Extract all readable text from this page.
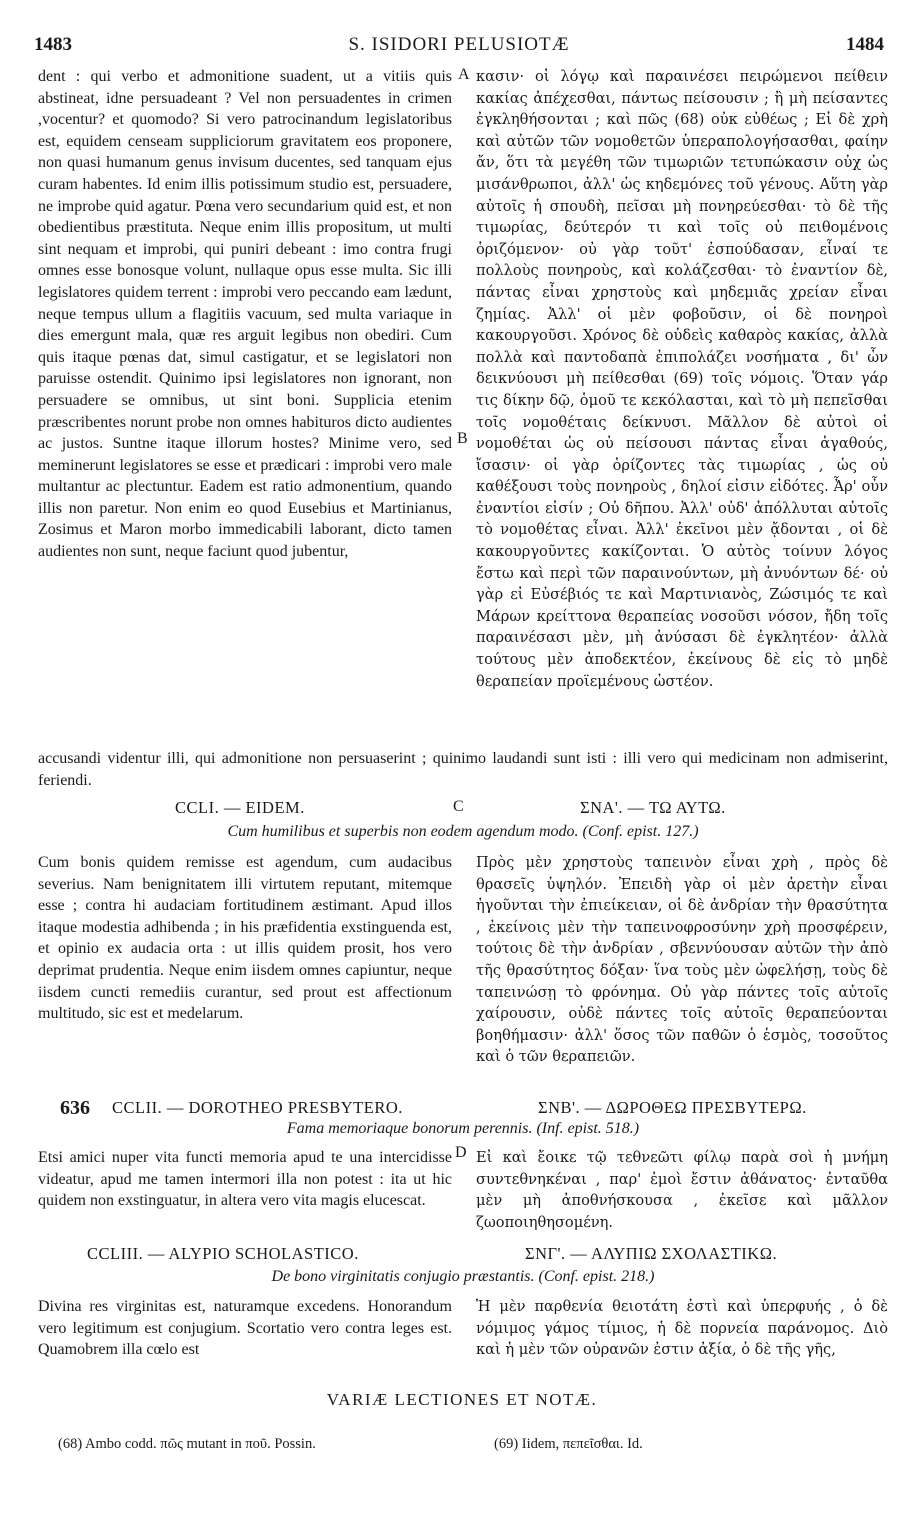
1483	S. ISIDORI PELUSIOTÆ	1484

dent : qui verbo et admonitione suadent, ut a vitiis quis abstineat, idne persuadeant ? Vel non persuadentes in crimen ,vocentur? et quomodo? Si vero patrocinandum legislatoribus est, equidem censeam suppliciorum gravitatem eos proponere, non quasi humanum genus invisum ducentes, sed tanquam ejus curam habentes. Id enim illis potissimum studio est, persuadere, ne improbe quid agatur. Pœna vero secundarium quid est, et non obedientibus præstituta. Neque enim illis propositum, ut multi sint nequam et improbi, qui puniri debeant : imo contra frugi omnes esse bonosque volunt, nullaque opus esse multa. Sic illi legislatores quidem terrent : improbi vero peccando eam lædunt, neque tempus ullum a flagitiis vacuum, sed multa variaque in dies emergunt mala, quæ res arguit legibus non obediri. Cum quis itaque pœnas dat, simul castigatur, et se legislatori non paruisse ostendit. Quinimo ipsi legislatores non ignorant, non persuadere se omnibus, ut sint boni. Supplicia etenim præscribentes norunt probe non omnes habituros dicto audientes ac justos. Suntne itaque illorum hostes? Minime vero, sed meminerunt legislatores se esse et prædicari : improbi vero male multantur ac plectuntur. Eadem est ratio admonentium, quando illis non paretur. Non enim eo quod Eusebius et Martinianus, Zosimus et Maron morbo immedicabili laborant, dicto tamen audientes non sunt, neque faciunt quod jubentur,

κασιν· οἱ λόγῳ καὶ παραινέσει πειρώμενοι πείθειν κακίας ἀπέχεσθαι, πάντως πείσουσιν ; ἢ μὴ πείσαντες ἐγκληθήσονται ; καὶ πῶς (68) οὐκ εὐθέως ; Εἰ δὲ χρὴ καὶ αὐτῶν τῶν νομοθετῶν ὑπεραπολογήσασθαι, φαίην ἄν, ὅτι τὰ μεγέθη τῶν τιμωριῶν τετυπώκασιν οὐχ ὡς μισάνθρωποι, ἀλλ' ὡς κηδεμόνες τοῦ γένους. Αὕτη γὰρ αὐτοῖς ἡ σπουδὴ, πεῖσαι μὴ πονηρεύεσθαι· τὸ δὲ τῆς τιμωρίας, δεύτερόν τι καὶ τοῖς οὐ πειθομένοις ὁριζόμενον· οὐ γὰρ τοῦτ' ἐσπούδασαν, εἶναί τε πολλοὺς πονηροὺς, καὶ κολάζεσθαι· τὸ ἐναντίον δὲ, πάντας εἶναι χρηστοὺς καὶ μηδεμιᾶς χρείαν εἶναι ζημίας. Ἀλλ' οἱ μὲν φοβοῦσιν, οἱ δὲ πονηροὶ κακουργοῦσι. Χρόνος δὲ οὐδεὶς καθαρὸς κακίας, ἀλλὰ πολλὰ καὶ παντοδαπὰ ἐπιπολάζει νοσήματα , δι' ὧν δεικνύουσι μὴ πείθεσθαι (69) τοῖς νόμοις. Ὅταν γάρ τις δίκην δῷ, ὁμοῦ τε κεκόλασται, καὶ τὸ μὴ πεπεῖσθαι τοῖς νομοθέταις δείκνυσι. Μᾶλλον δὲ αὐτοὶ οἱ νομοθέται ὡς οὐ πείσουσι πάντας εἶναι ἀγαθούς, ἴσασιν· οἱ γὰρ ὁρίζοντες τὰς τιμωρίας , ὡς οὐ καθέξουσι τοὺς πονηροὺς , δηλοί εἰσιν εἰδότες. Ἆρ' οὖν ἐναντίοι εἰσίν ; Οὐ δῆπου. Ἀλλ' οὐδ' ἀπόλλυται αὐτοῖς τὸ νομοθέτας εἶναι. Ἀλλ' ἐκεῖνοι μὲν ᾄδονται , οἱ δὲ κακουργοῦντες κακίζονται. Ὁ αὐτὸς τοίνυν λόγος ἔστω καὶ περὶ τῶν παραινούντων, μὴ ἀνυόντων δέ· οὐ γὰρ εἰ Εὐσέβιός τε καὶ Μαρτινιανὸς, Ζώσιμός τε καὶ Μάρων κρείττονα θεραπείας νοσοῦσι νόσον, ἤδη τοῖς παραινέσασι μὲν, μὴ ἀνύσασι δὲ ἐγκλητέον· ἀλλὰ τούτους μὲν ἀποδεκτέον, ἐκείνους δὲ εἰς τὸ μηδὲ θεραπείαν προϊεμένους ὠστέον.

A
B
accusandi videntur illi, qui admonitione non persuaserint ; quinimo laudandi sunt isti : illi vero qui medicinam non admiserint, feriendi.
CCLI. — EIDEM.	C	ΣΝΑ'. — ΤΩ ΑΥΤΩ.
Cum humilibus et superbis non eodem agendum modo. (Conf. epist. 127.)

Cum bonis quidem remisse est agendum, cum audacibus severius. Nam benignitatem illi virtutem reputant, mitemque esse ; contra hi audaciam fortitudinem æstimant. Apud illos itaque modestia adhibenda ; in his præfidentia exstinguenda est, et opinio ex audacia orta : ut illis quidem prosit, hos vero deprimat prudentia. Neque enim iisdem omnes capiuntur, neque iisdem cuncti remediis curantur, sed prout est affectionum multitudo, sic est et medelarum.

Πρὸς μὲν χρηστοὺς ταπεινὸν εἶναι χρὴ , πρὸς δὲ θρασεῖς ὑψηλόν. Ἐπειδὴ γὰρ οἱ μὲν ἀρετὴν εἶναι ἡγοῦνται τὴν ἐπιείκειαν, οἱ δὲ ἀνδρίαν τὴν θρασύτητα , ἐκείνοις μὲν τὴν ταπεινοφροσύνην χρὴ προσφέρειν, τούτοις δὲ τὴν ἀνδρίαν , σβεννύουσαν αὐτῶν τὴν ἀπὸ τῆς θρασύτητος δόξαν· ἵνα τοὺς μὲν ὠφελήσῃ, τοὺς δὲ ταπεινώσῃ τὸ φρόνημα. Οὐ γὰρ πάντες τοῖς αὐτοῖς χαίρουσιν, οὐδὲ πάντες τοῖς αὐτοῖς θεραπεύονται βοηθήμασιν· ἀλλ' ὅσος τῶν παθῶν ὁ ἑσμὸς, τοσοῦτος καὶ ὁ τῶν θεραπειῶν.

636 CCLII. — DOROTHEO PRESBYTERO.	ΣΝΒ'. — ΔΩΡΟΘΕΩ ΠΡΕΣΒΥΤΕΡΩ.
Fama memoriaque bonorum perennis. (Inf. epist. 518.)
D

Etsi amici nuper vita functi memoria apud te una intercidisse videatur, apud me tamen intermori illa non potest : ita ut hic quidem non exstinguatur, in altera vero vita magis elucescat.

Εἰ καὶ ἔοικε τῷ τεθνεῶτι φίλῳ παρὰ σοὶ ἡ μνήμη συντεθνηκέναι , παρ' ἐμοὶ ἔστιν ἀθάνατος· ἐνταῦθα μὲν μὴ ἀποθνήσκουσα , ἐκεῖσε καὶ μᾶλλον ζωοποιηθησομένη.

CCLIII. — ALYPIO SCHOLASTICO.	ΣΝΓ'. — ΑΛΥΠΙΩ ΣΧΟΛΑΣΤΙΚΩ.
De bono virginitatis conjugio præstantis. (Conf. epist. 218.)

Divina res virginitas est, naturamque excedens. Honorandum vero legitimum est conjugium. Scortatio vero contra leges est. Quamobrem illa cœlo est

Ἡ μὲν παρθενία θειοτάτη ἐστὶ καὶ ὑπερφυής , ὁ δὲ νόμιμος γάμος τίμιος, ἡ δὲ πορνεία παράνομος. Διὸ καὶ ἡ μὲν τῶν οὐρανῶν ἐστιν ἀξία, ὁ δὲ τῆς γῆς,

VARIÆ LECTIONES ET NOTÆ.
(68) Ambo codd. πῶς mutant in ποῦ. Possin.	(69) Iidem, πεπεῖσθαι. Id.
